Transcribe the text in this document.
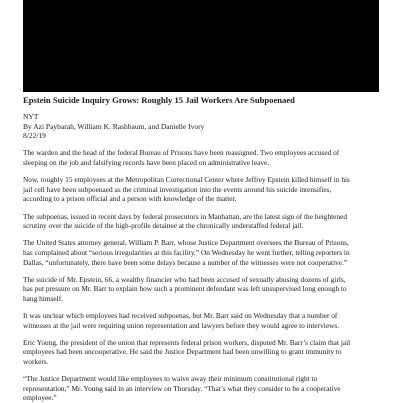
Epstein Suicide Inquiry Grows: Roughly 15 Jail Workers Are Subpoenaed
NYT
By Azi Paybarah, William K. Rashbaum, and Danielle Ivory
8/22/19

The warden and the head of the federal Bureau of Prisons have been reassigned. Two employees accused of
sleeping on the job and falsifying records have been placed on administrative leave.

Now, roughly 15 employees at the Metropolitan Correctional Center where Jeffrey Epstein killed himself in his
jail cell have been subpoenaed as the criminal investigation into the events around his suicide intensifies,
according to a prison official and a person with knowledge of the matter.

The subpoenas, issued in recent days by federal prosecutors in Manhattan, are the latest sign of the heightened
scrutiny over the suicide of the high-profile detainee at the chronically understaffed federal jail.

The United States attorney general, William P. Barr, whose Justice Department oversees the Bureau of Prisons,
has complained about “serious irregularities at this facility.” On Wednesday he went further, telling reporters in
Dallas, “unfortunately, there have been some delays because a number of the witnesses were not cooperative.”

The suicide of Mr. Epstein, 66, a wealthy financier who had been accused of sexually abusing dozens of girls,
has put pressure on Mr. Barr to explain how such a prominent defendant was left unsupervised long enough to
hang himself.

It was unclear which employees had received subpoenas, but Mr. Barr said on Wednesday that a number of
witnesses at the jail were requiring union representation and lawyers before they would agree to interviews.

Eric Young, the president of the union that represents federal prison workers, disputed Mr. Barr’s claim that jail
employees had been uncooperative. He said the Justice Department had been unwilling to grant immunity to
workers.

“The Justice Department would like employees to waive away their minimum constitutional right to
representation,” Mr. Young said in an interview on Thursday. “That’s what they consider to be a cooperative
employee.”
